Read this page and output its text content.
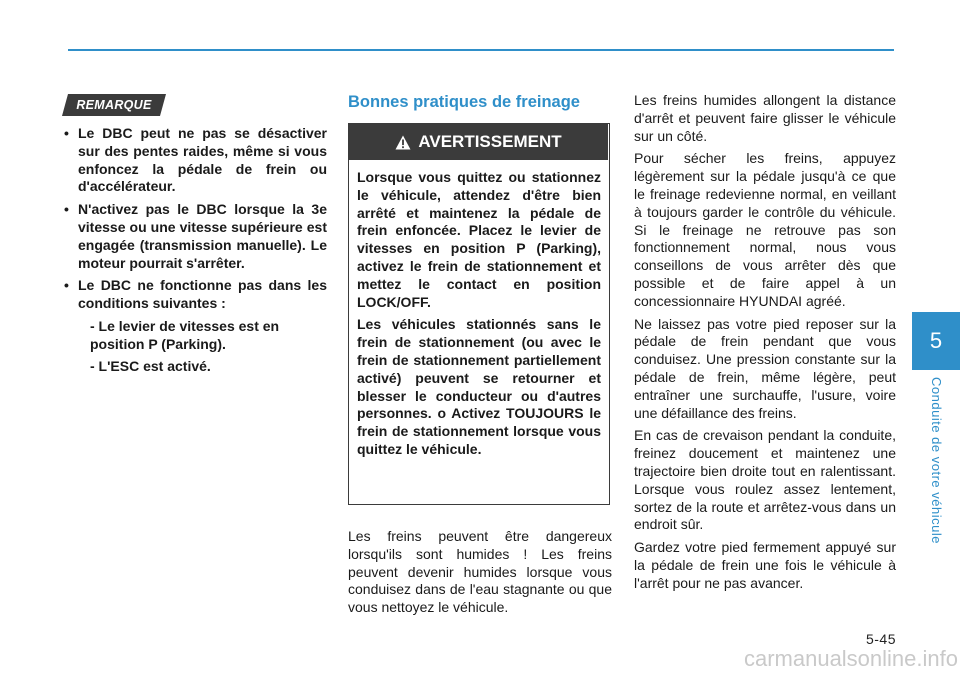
5
Conduite de votre véhicule
REMARQUE
• Le DBC peut ne pas se désactiver sur des pentes raides, même si vous enfoncez la pédale de frein ou d'accélérateur.
• N'activez pas le DBC lorsque la 3e vitesse ou une vitesse supérieure est engagée (transmission manuelle). Le moteur pourrait s'arrêter.
• Le DBC ne fonctionne pas dans les conditions suivantes :
- Le levier de vitesses est en position P (Parking).
- L'ESC est activé.
Bonnes pratiques de freinage
AVERTISSEMENT

Lorsque vous quittez ou stationnez le véhicule, attendez d'être bien arrêté et maintenez la pédale de frein enfoncée. Placez le levier de vitesses en position P (Parking), activez le frein de stationnement et mettez le contact en position LOCK/OFF.

Les véhicules stationnés sans le frein de stationnement (ou avec le frein de stationnement partiellement activé) peuvent se retourner et blesser le conducteur ou d'autres personnes. o Activez TOUJOURS le frein de stationnement lorsque vous quittez le véhicule.

Les freins peuvent être dangereux lorsqu'ils sont humides ! Les freins peuvent devenir humides lorsque vous conduisez dans de l'eau stagnante ou que vous nettoyez le véhicule.

Les freins humides allongent la distance d'arrêt et peuvent faire glisser le véhicule sur un côté.

Pour sécher les freins, appuyez légèrement sur la pédale jusqu'à ce que le freinage redevienne normal, en veillant à toujours garder le contrôle du véhicule. Si le freinage ne retrouve pas son fonctionnement normal, nous vous conseillons de vous arrêter dès que possible et de faire appel à un concessionnaire HYUNDAI agréé.

Ne laissez pas votre pied reposer sur la pédale de frein pendant que vous conduisez. Une pression constante sur la pédale de frein, même légère, peut entraîner une surchauffe, l'usure, voire une défaillance des freins.

En cas de crevaison pendant la conduite, freinez doucement et maintenez une trajectoire bien droite tout en ralentissant. Lorsque vous roulez assez lentement, sortez de la route et arrêtez-vous dans un endroit sûr.

Gardez votre pied fermement appuyé sur la pédale de frein une fois le véhicule à l'arrêt pour ne pas avancer.

5-45
carmanualsonline.info
